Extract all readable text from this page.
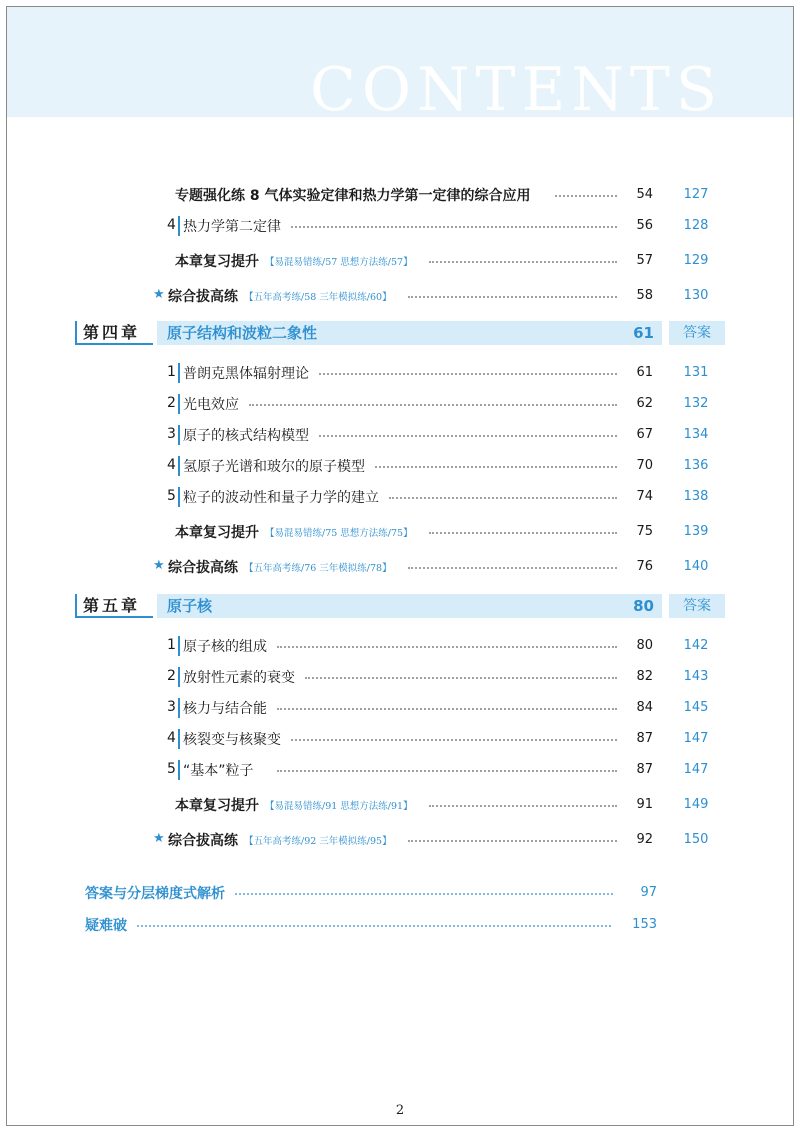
CONTENTS
专题强化练 8 气体实验定律和热力学第一定律的综合应用	54	127
4 热力学第二定律	56	128
本章复习提升 【易混易错练/57 思想方法练/57】	57	129
★ 综合拔高练 【五年高考练/58 三年模拟练/60】	58	130
第四章	原子结构和波粒二象性	61	答案
1 普朗克黑体辐射理论	61	131
2 光电效应	62	132
3 原子的核式结构模型	67	134
4 氢原子光谱和玻尔的原子模型	70	136
5 粒子的波动性和量子力学的建立	74	138
本章复习提升 【易混易错练/75 思想方法练/75】	75	139
★ 综合拔高练 【五年高考练/76 三年模拟练/78】	76	140
第五章	原子核	80	答案
1 原子核的组成	80	142
2 放射性元素的衰变	82	143
3 核力与结合能	84	145
4 核裂变与核聚变	87	147
5 “基本”粒子	87	147
本章复习提升 【易混易错练/91 思想方法练/91】	91	149
★ 综合拔高练 【五年高考练/92 三年模拟练/95】	92	150
答案与分层梯度式解析	97
疑难破	153
2
